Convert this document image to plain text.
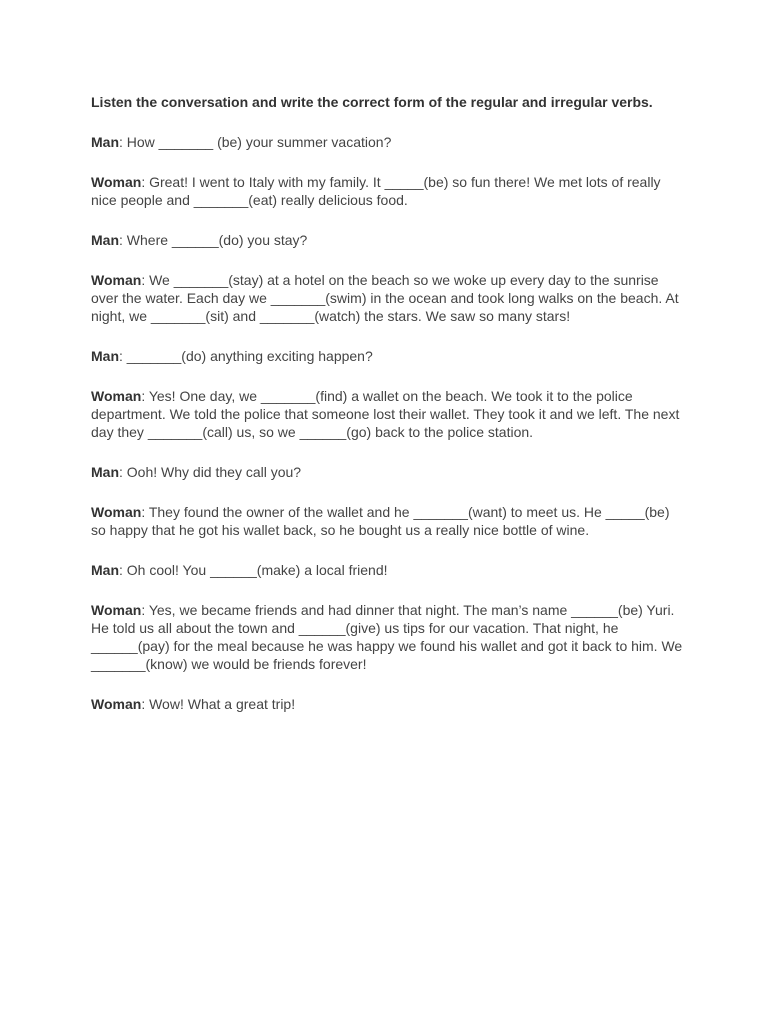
Listen the conversation and write the correct form of the regular and irregular verbs.

Man: How _______ (be) your summer vacation?

Woman: Great! I went to Italy with my family. It _____(be) so fun there! We met lots of really nice people and _______(eat) really delicious food.

Man: Where ______(do) you stay?

Woman: We _______(stay) at a hotel on the beach so we woke up every day to the sunrise over the water. Each day we _______(swim) in the ocean and took long walks on the beach. At night, we _______(sit) and _______(watch) the stars. We saw so many stars!

Man: _______(do) anything exciting happen?

Woman: Yes! One day, we _______(find) a wallet on the beach. We took it to the police department. We told the police that someone lost their wallet. They took it and we left. The next day they _______(call) us, so we ______(go) back to the police station.

Man: Ooh! Why did they call you?

Woman: They found the owner of the wallet and he _______(want) to meet us. He _____(be) so happy that he got his wallet back, so he bought us a really nice bottle of wine.

Man: Oh cool! You ______(make) a local friend!

Woman: Yes, we became friends and had dinner that night. The man’s name ______(be) Yuri. He told us all about the town and ______(give) us tips for our vacation. That night, he ______(pay) for the meal because he was happy we found his wallet and got it back to him. We _______(know) we would be friends forever!

Woman: Wow! What a great trip!
